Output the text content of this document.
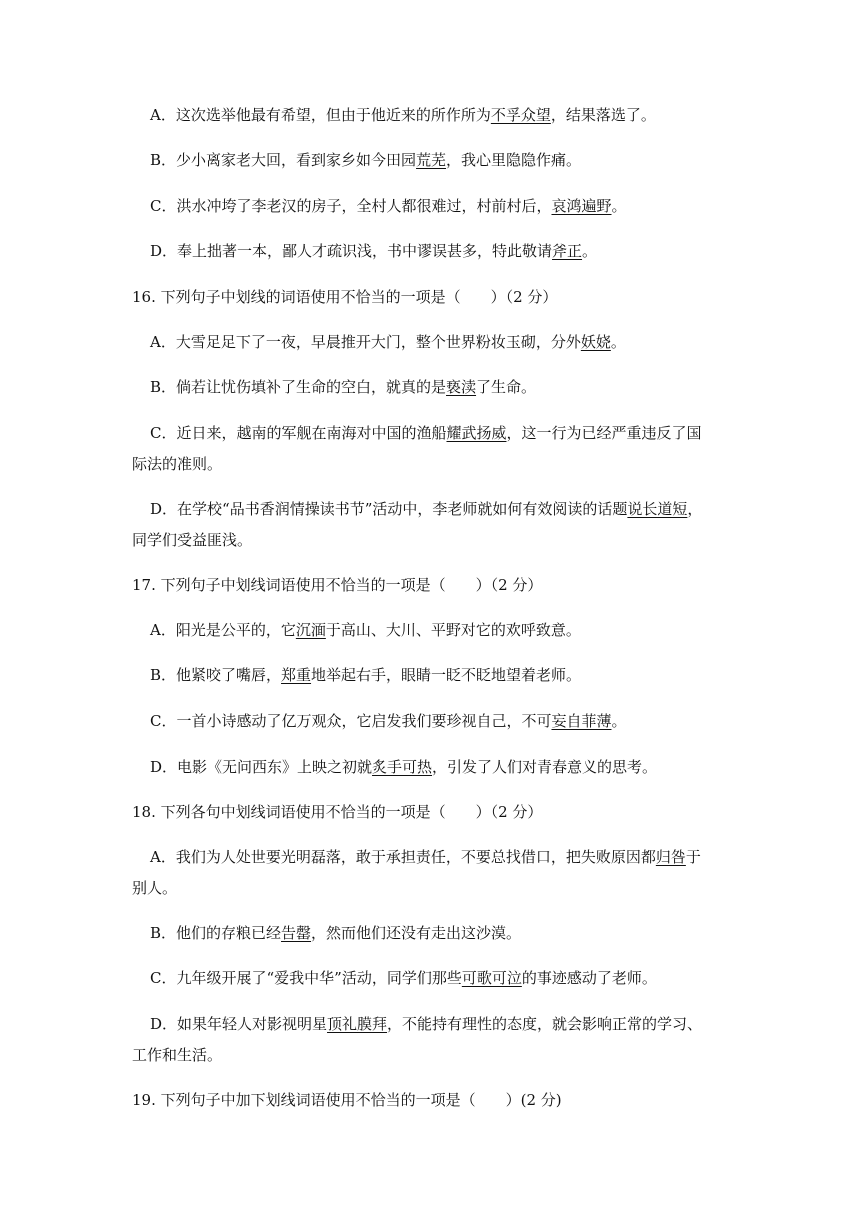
A．这次选举他最有希望，但由于他近来的所作所为不孚众望，结果落选了。
B．少小离家老大回，看到家乡如今田园荒芜，我心里隐隐作痛。
C．洪水冲垮了李老汉的房子，全村人都很难过，村前村后，哀鸿遍野。
D．奉上拙著一本，鄙人才疏识浅，书中谬误甚多，特此敬请斧正。
16. 下列句子中划线的词语使用不恰当的一项是（　　）（2 分）
A．大雪足足下了一夜，早晨推开大门，整个世界粉妆玉砌，分外妖娆。
B．倘若让忧伤填补了生命的空白，就真的是亵渎了生命。
C．近日来，越南的军舰在南海对中国的渔船耀武扬威，这一行为已经严重违反了国
际法的准则。
D．在学校“品书香润情操读书节”活动中，李老师就如何有效阅读的话题说长道短，
同学们受益匪浅。
17. 下列句子中划线词语使用不恰当的一项是（　　）（2 分）
A．阳光是公平的，它沉湎于高山、大川、平野对它的欢呼致意。
B．他紧咬了嘴唇，郑重地举起右手，眼睛一眨不眨地望着老师。
C．一首小诗感动了亿万观众，它启发我们要珍视自己，不可妄自菲薄。
D．电影《无问西东》上映之初就炙手可热，引发了人们对青春意义的思考。
18. 下列各句中划线词语使用不恰当的一项是（　　）（2 分）
A．我们为人处世要光明磊落，敢于承担责任，不要总找借口，把失败原因都归咎于
别人。
B．他们的存粮已经告罄，然而他们还没有走出这沙漠。
C．九年级开展了“爱我中华”活动，同学们那些可歌可泣的事迹感动了老师。
D．如果年轻人对影视明星顶礼膜拜，不能持有理性的态度，就会影响正常的学习、
工作和生活。
19. 下列句子中加下划线词语使用不恰当的一项是（　　）(2 分)
